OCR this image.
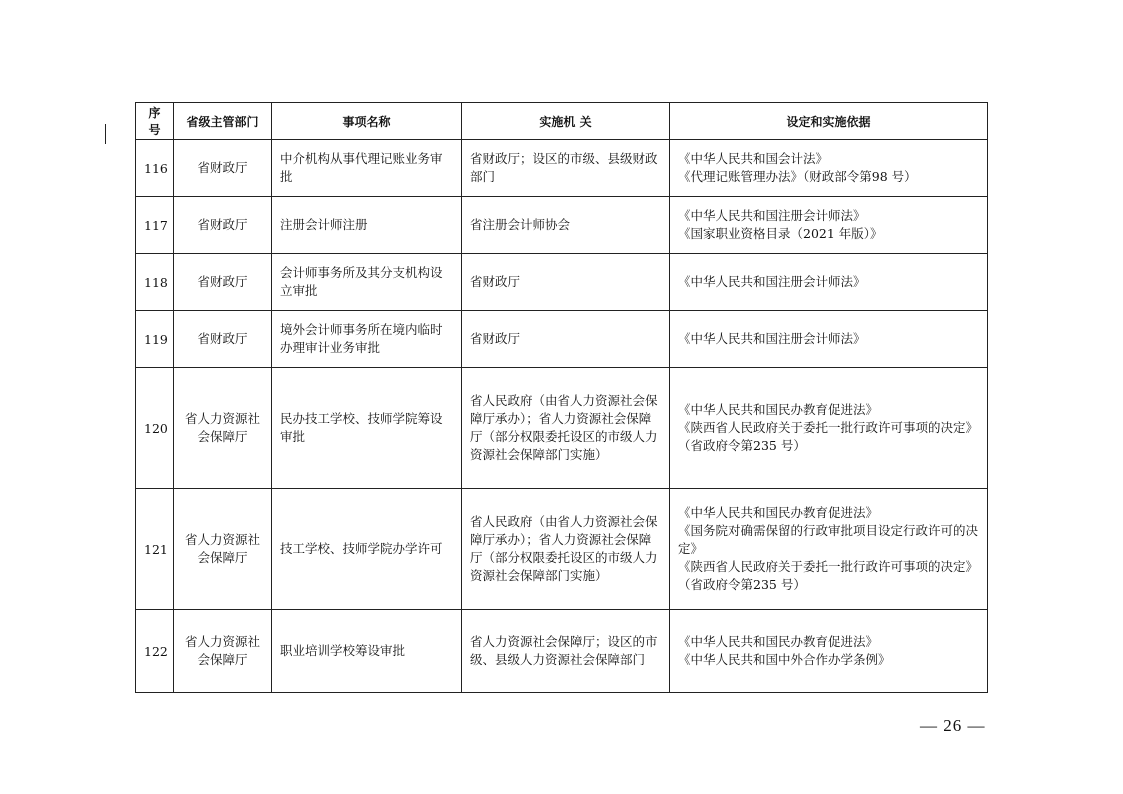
序号	省级主管部门	事项名称	实施机 关	设定和实施依据
116	省财政厅	中介机构从事代理记账业务审批	省财政厅；设区的市级、县级财政部门	《中华人民共和国会计法》
《代理记账管理办法》（财政部令第98 号）

117	省财政厅	注册会计师注册	省注册会计师协会	《中华人民共和国注册会计师法》
《国家职业资格目录（2021 年版）》

118	省财政厅	会计师事务所及其分支机构设立审批	省财政厅	《中华人民共和国注册会计师法》

119	省财政厅	境外会计师事务所在境内临时办理审计业务审批	省财政厅	《中华人民共和国注册会计师法》

120	省人力资源社会保障厅	民办技工学校、技师学院筹设审批	省人民政府（由省人力资源社会保障厅承办）；省人力资源社会保障厅（部分权限委托设区的市级人力资源社会保障部门实施）	《中华人民共和国民办教育促进法》
《陕西省人民政府关于委托一批行政许可事项的决定》（省政府令第235 号）

121	省人力资源社会保障厅	技工学校、技师学院办学许可	省人民政府（由省人力资源社会保障厅承办）；省人力资源社会保障厅（部分权限委托设区的市级人力资源社会保障部门实施）	《中华人民共和国民办教育促进法》
《国务院对确需保留的行政审批项目设定行政许可的决定》
《陕西省人民政府关于委托一批行政许可事项的决定》（省政府令第235 号）

122	省人力资源社会保障厅	职业培训学校筹设审批	省人力资源社会保障厅；设区的市级、县级人力资源社会保障部门	《中华人民共和国民办教育促进法》
《中华人民共和国中外合作办学条例》
— 26 —
